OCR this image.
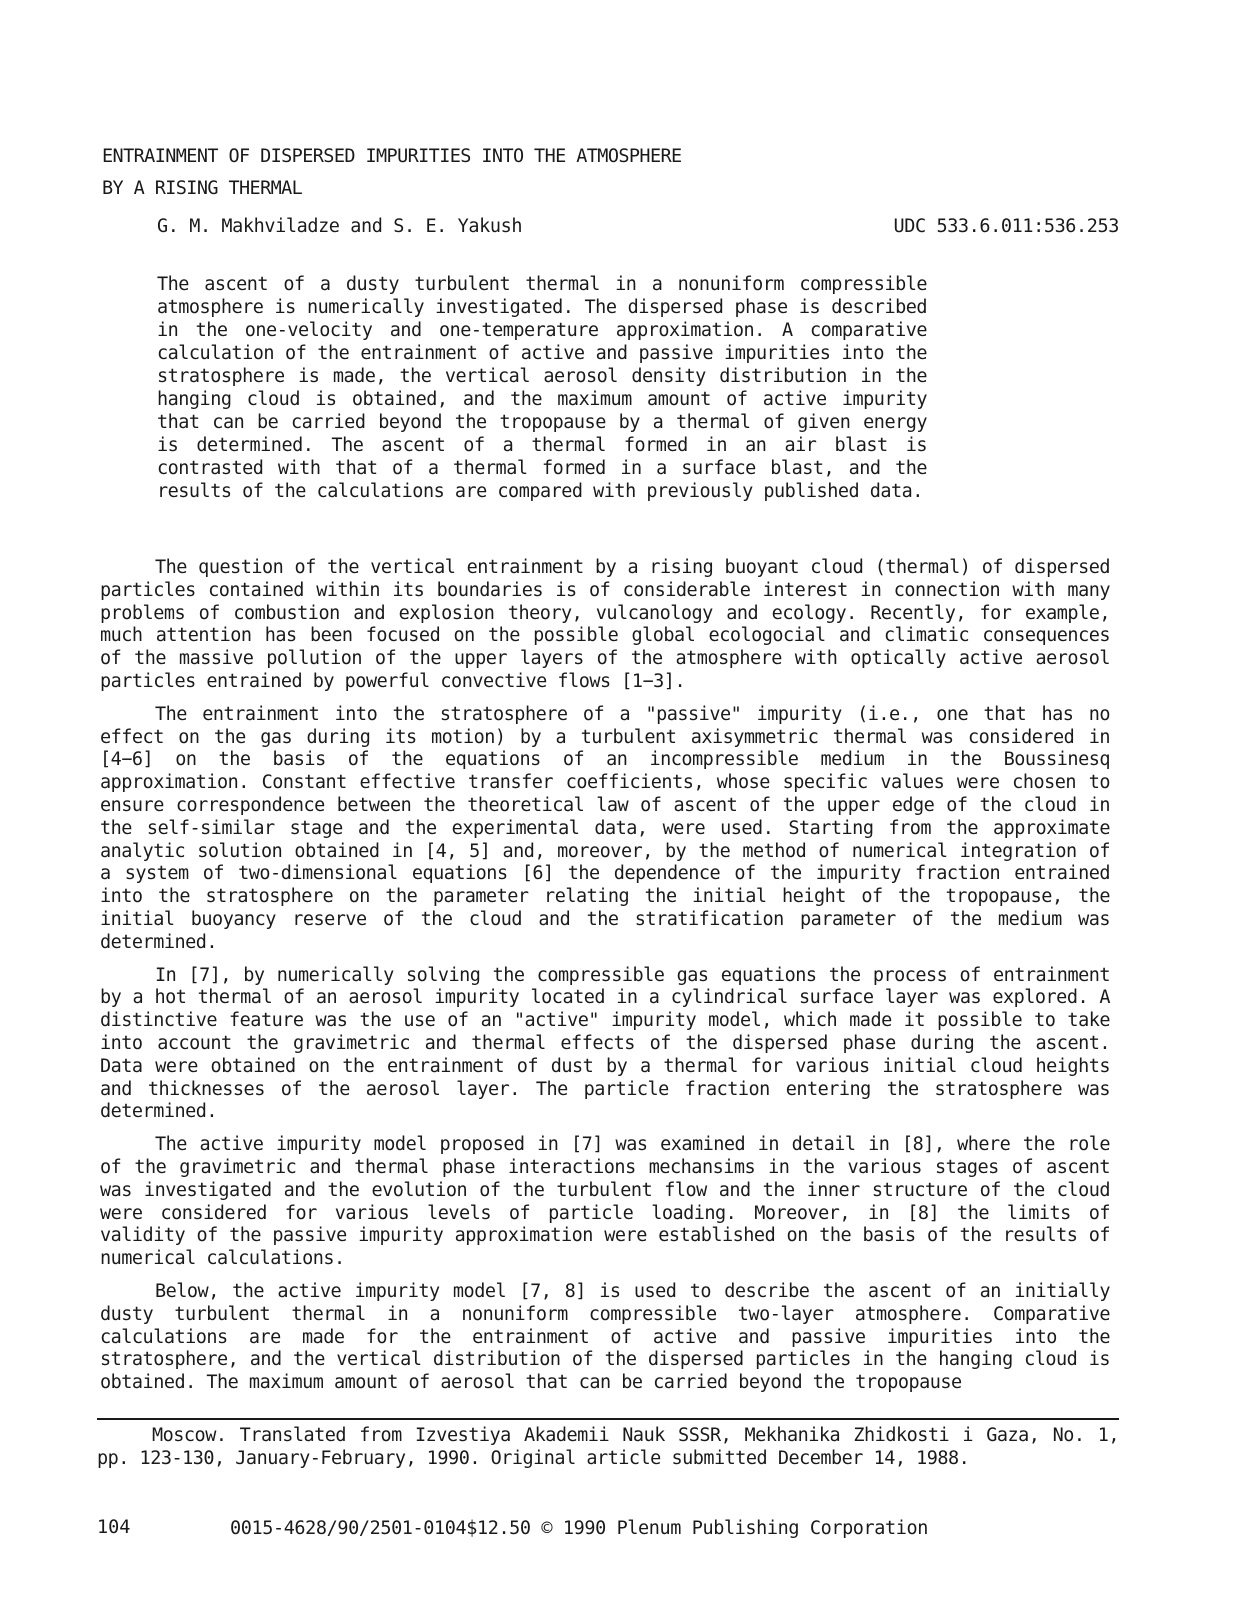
ENTRAINMENT OF DISPERSED IMPURITIES INTO THE ATMOSPHERE
BY A RISING THERMAL
G. M. Makhviladze and S. E. Yakush	UDC 533.6.011:536.253
The ascent of a dusty turbulent thermal in a nonuniform compressible atmosphere is numerically investigated. The dispersed phase is described in the one-velocity and one-temperature approximation. A comparative calculation of the entrainment of active and passive impurities into the stratosphere is made, the vertical aerosol density distribution in the hanging cloud is obtained, and the maximum amount of active impurity that can be carried beyond the tropopause by a thermal of given energy is determined. The ascent of a thermal formed in an air blast is contrasted with that of a thermal formed in a surface blast, and the results of the calculations are compared with previously published data.

The question of the vertical entrainment by a rising buoyant cloud (thermal) of dispersed particles contained within its boundaries is of considerable interest in connection with many problems of combustion and explosion theory, vulcanology and ecology. Recently, for example, much attention has been focused on the possible global ecologocial and climatic consequences of the massive pollution of the upper layers of the atmosphere with optically active aerosol particles entrained by powerful convective flows [1−3].

The entrainment into the stratosphere of a "passive" impurity (i.e., one that has no effect on the gas during its motion) by a turbulent axisymmetric thermal was considered in [4−6] on the basis of the equations of an incompressible medium in the Boussinesq approximation. Constant effective transfer coefficients, whose specific values were chosen to ensure correspondence between the theoretical law of ascent of the upper edge of the cloud in the self-similar stage and the experimental data, were used. Starting from the approximate analytic solution obtained in [4, 5] and, moreover, by the method of numerical integration of a system of two-dimensional equations [6] the dependence of the impurity fraction entrained into the stratosphere on the parameter relating the initial height of the tropopause, the initial buoyancy reserve of the cloud and the stratification parameter of the medium was determined.

In [7], by numerically solving the compressible gas equations the process of entrainment by a hot thermal of an aerosol impurity located in a cylindrical surface layer was explored. A distinctive feature was the use of an "active" impurity model, which made it possible to take into account the gravimetric and thermal effects of the dispersed phase during the ascent. Data were obtained on the entrainment of dust by a thermal for various initial cloud heights and thicknesses of the aerosol layer. The particle fraction entering the stratosphere was determined.

The active impurity model proposed in [7] was examined in detail in [8], where the role of the gravimetric and thermal phase interactions mechansims in the various stages of ascent was investigated and the evolution of the turbulent flow and the inner structure of the cloud were considered for various levels of particle loading. Moreover, in [8] the limits of validity of the passive impurity approximation were established on the basis of the results of numerical calculations.

Below, the active impurity model [7, 8] is used to describe the ascent of an initially dusty turbulent thermal in a nonuniform compressible two-layer atmosphere. Comparative calculations are made for the entrainment of active and passive impurities into the stratosphere, and the vertical distribution of the dispersed particles in the hanging cloud is obtained. The maximum amount of aerosol that can be carried beyond the tropopause

Moscow. Translated from Izvestiya Akademii Nauk SSSR, Mekhanika Zhidkosti i Gaza, No. 1, pp. 123-130, January-February, 1990. Original article submitted December 14, 1988.

104	0015-4628/90/2501-0104$12.50 © 1990 Plenum Publishing Corporation
